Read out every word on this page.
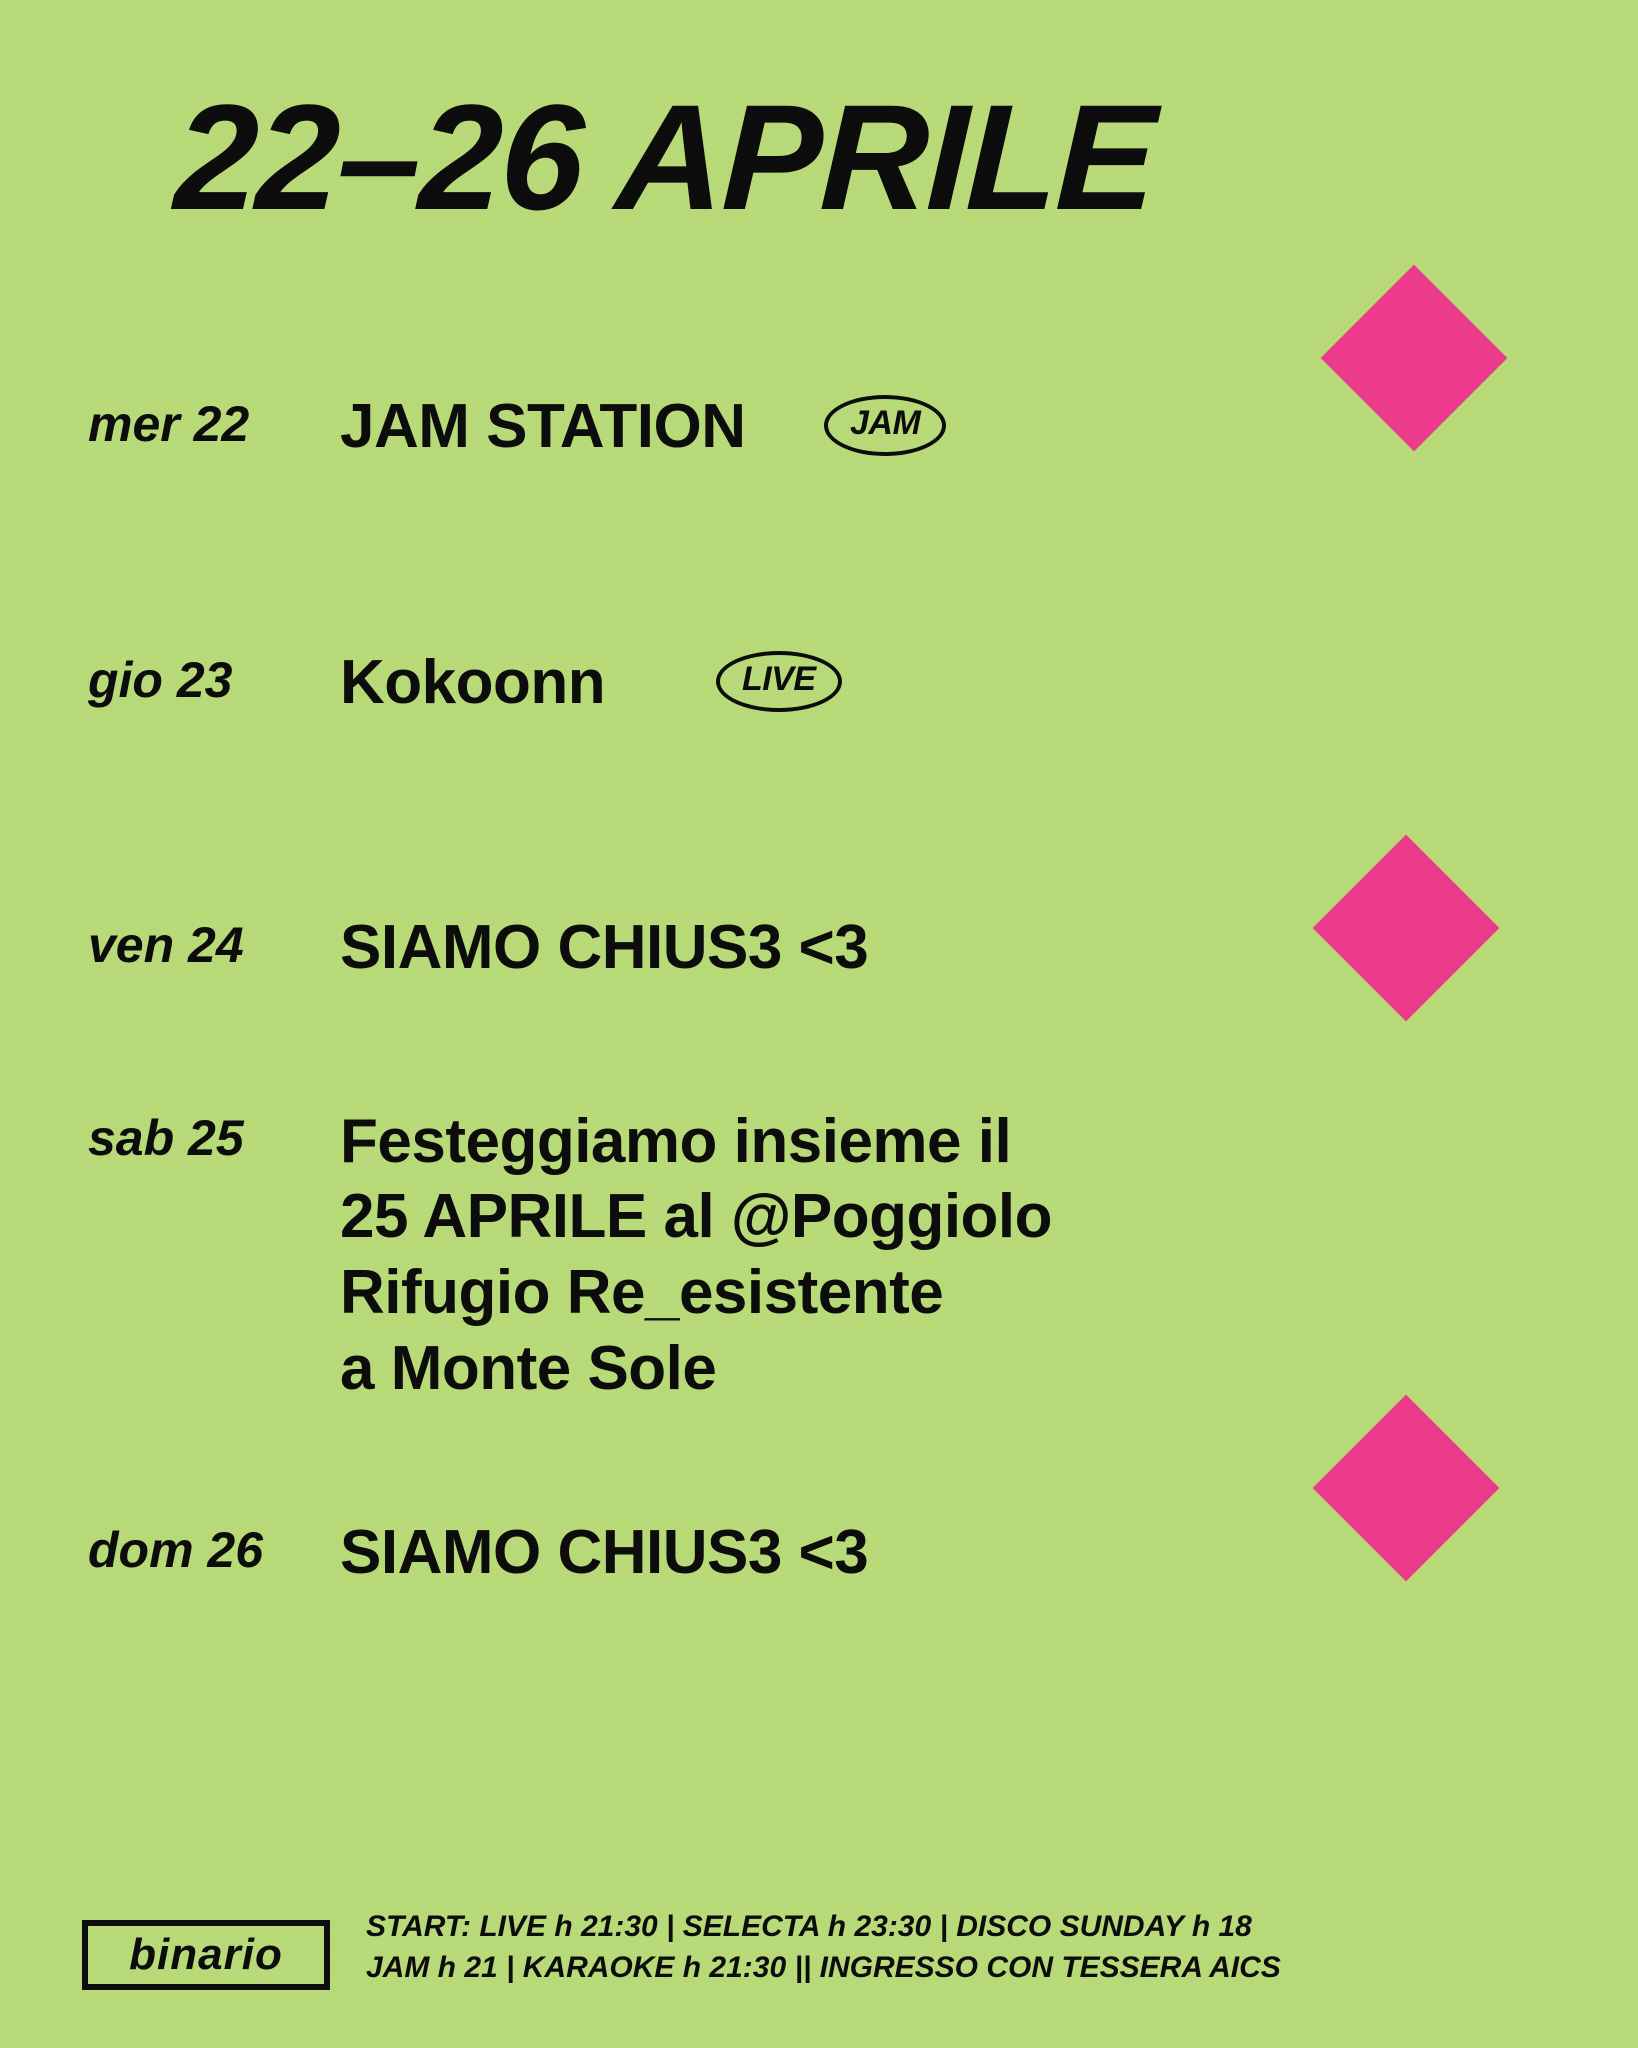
22–26 APRILE
mer 22	JAM STATION	JAM
gio 23	Kokoonn	LIVE
ven 24	SIAMO CHIUS3 <3
sab 25	Festeggiamo insieme il
25 APRILE al @Poggiolo
Rifugio Re_esistente
a Monte Sole
dom 26	SIAMO CHIUS3 <3
binario
START: LIVE h 21:30 | SELECTA h 23:30 | DISCO SUNDAY h 18
JAM h 21 | KARAOKE h 21:30 || INGRESSO CON TESSERA AICS
